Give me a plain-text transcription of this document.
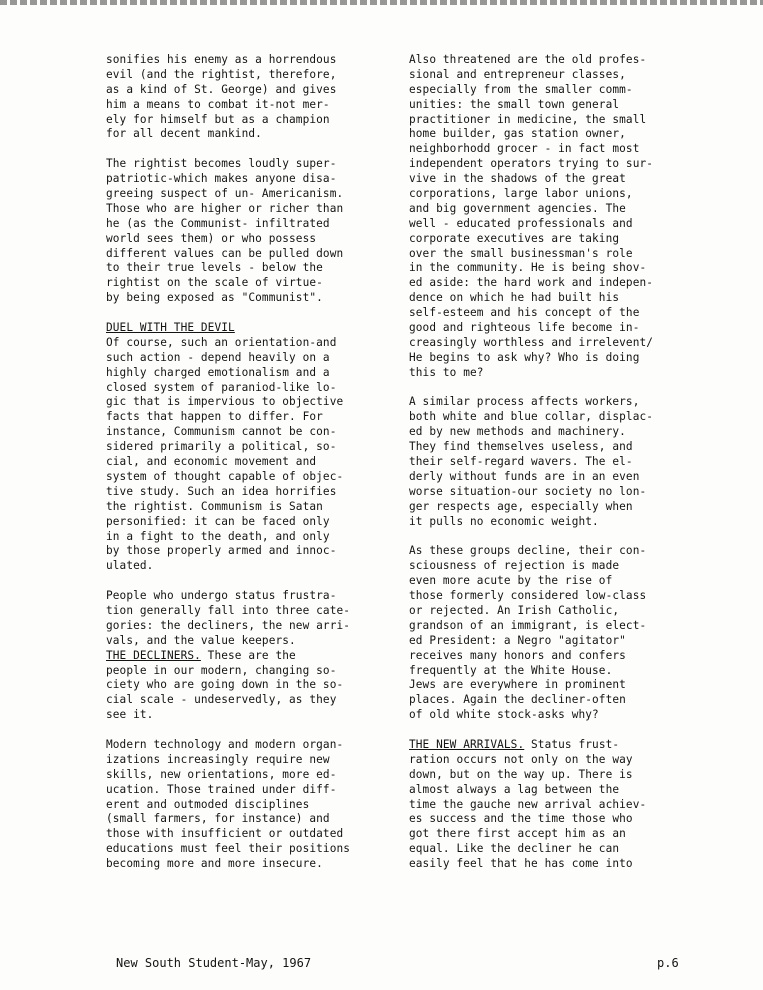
sonifies his enemy as a horrendous
evil (and the rightist, therefore,
as a kind of St. George) and gives
him a means to combat it-not mer-
ely for himself but as a champion
for all decent mankind.
The rightist becomes loudly super-
patriotic-which makes anyone disa-
greeing suspect of un- Americanism.
Those who are higher or richer than
he (as the Communist- infiltrated
world sees them) or who possess
different values can be pulled down
to their true levels - below the
rightist on the scale of virtue-
by being exposed as "Communist".
DUEL WITH THE DEVIL
Of course, such an orientation-and
such action - depend heavily on a
highly charged emotionalism and a
closed system of paraniod-like lo-
gic that is impervious to objective
facts that happen to differ. For
instance, Communism cannot be con-
sidered primarily a political, so-
cial, and economic movement and
system of thought capable of objec-
tive study. Such an idea horrifies
the rightist. Communism is Satan
personified: it can be faced only
in a fight to the death, and only
by those properly armed and innoc-
ulated.
People who undergo status frustra-
tion generally fall into three cate-
gories: the decliners, the new arri-
vals, and the value keepers.
THE DECLINERS. These are the
people in our modern, changing so-
ciety who are going down in the so-
cial scale - undeservedly, as they
see it.
Modern technology and modern organ-
izations increasingly require new
skills, new orientations, more ed-
ucation. Those trained under diff-
erent and outmoded disciplines
(small farmers, for instance) and
those with insufficient or outdated
educations must feel their positions
becoming more and more insecure.
Also threatened are the old profes-
sional and entrepreneur classes,
especially from the smaller comm-
unities: the small town general
practitioner in medicine, the small
home builder, gas station owner,
neighborhodd grocer - in fact most
independent operators trying to sur-
vive in the shadows of the great
corporations, large labor unions,
and big government agencies. The
well - educated professionals and
corporate executives are taking
over the small businessman's role
in the community. He is being shov-
ed aside: the hard work and indepen-
dence on which he had built his
self-esteem and his concept of the
good and righteous life become in-
creasingly worthless and irrelevent/
He begins to ask why? Who is doing
this to me?
A similar process affects workers,
both white and blue collar, displac-
ed by new methods and machinery.
They find themselves useless, and
their self-regard wavers. The el-
derly without funds are in an even
worse situation-our society no lon-
ger respects age, especially when
it pulls no economic weight.
As these groups decline, their con-
sciousness of rejection is made
even more acute by the rise of
those formerly considered low-class
or rejected. An Irish Catholic,
grandson of an immigrant, is elect-
ed President: a Negro "agitator"
receives many honors and confers
frequently at the White House.
Jews are everywhere in prominent
places. Again the decliner-often
of old white stock-asks why?
THE NEW ARRIVALS. Status frust-
ration occurs not only on the way
down, but on the way up. There is
almost always a lag between the
time the gauche new arrival achiev-
es success and the time those who
got there first accept him as an
equal. Like the decliner he can
easily feel that he has come into
New South Student-May, 1967	p.6
